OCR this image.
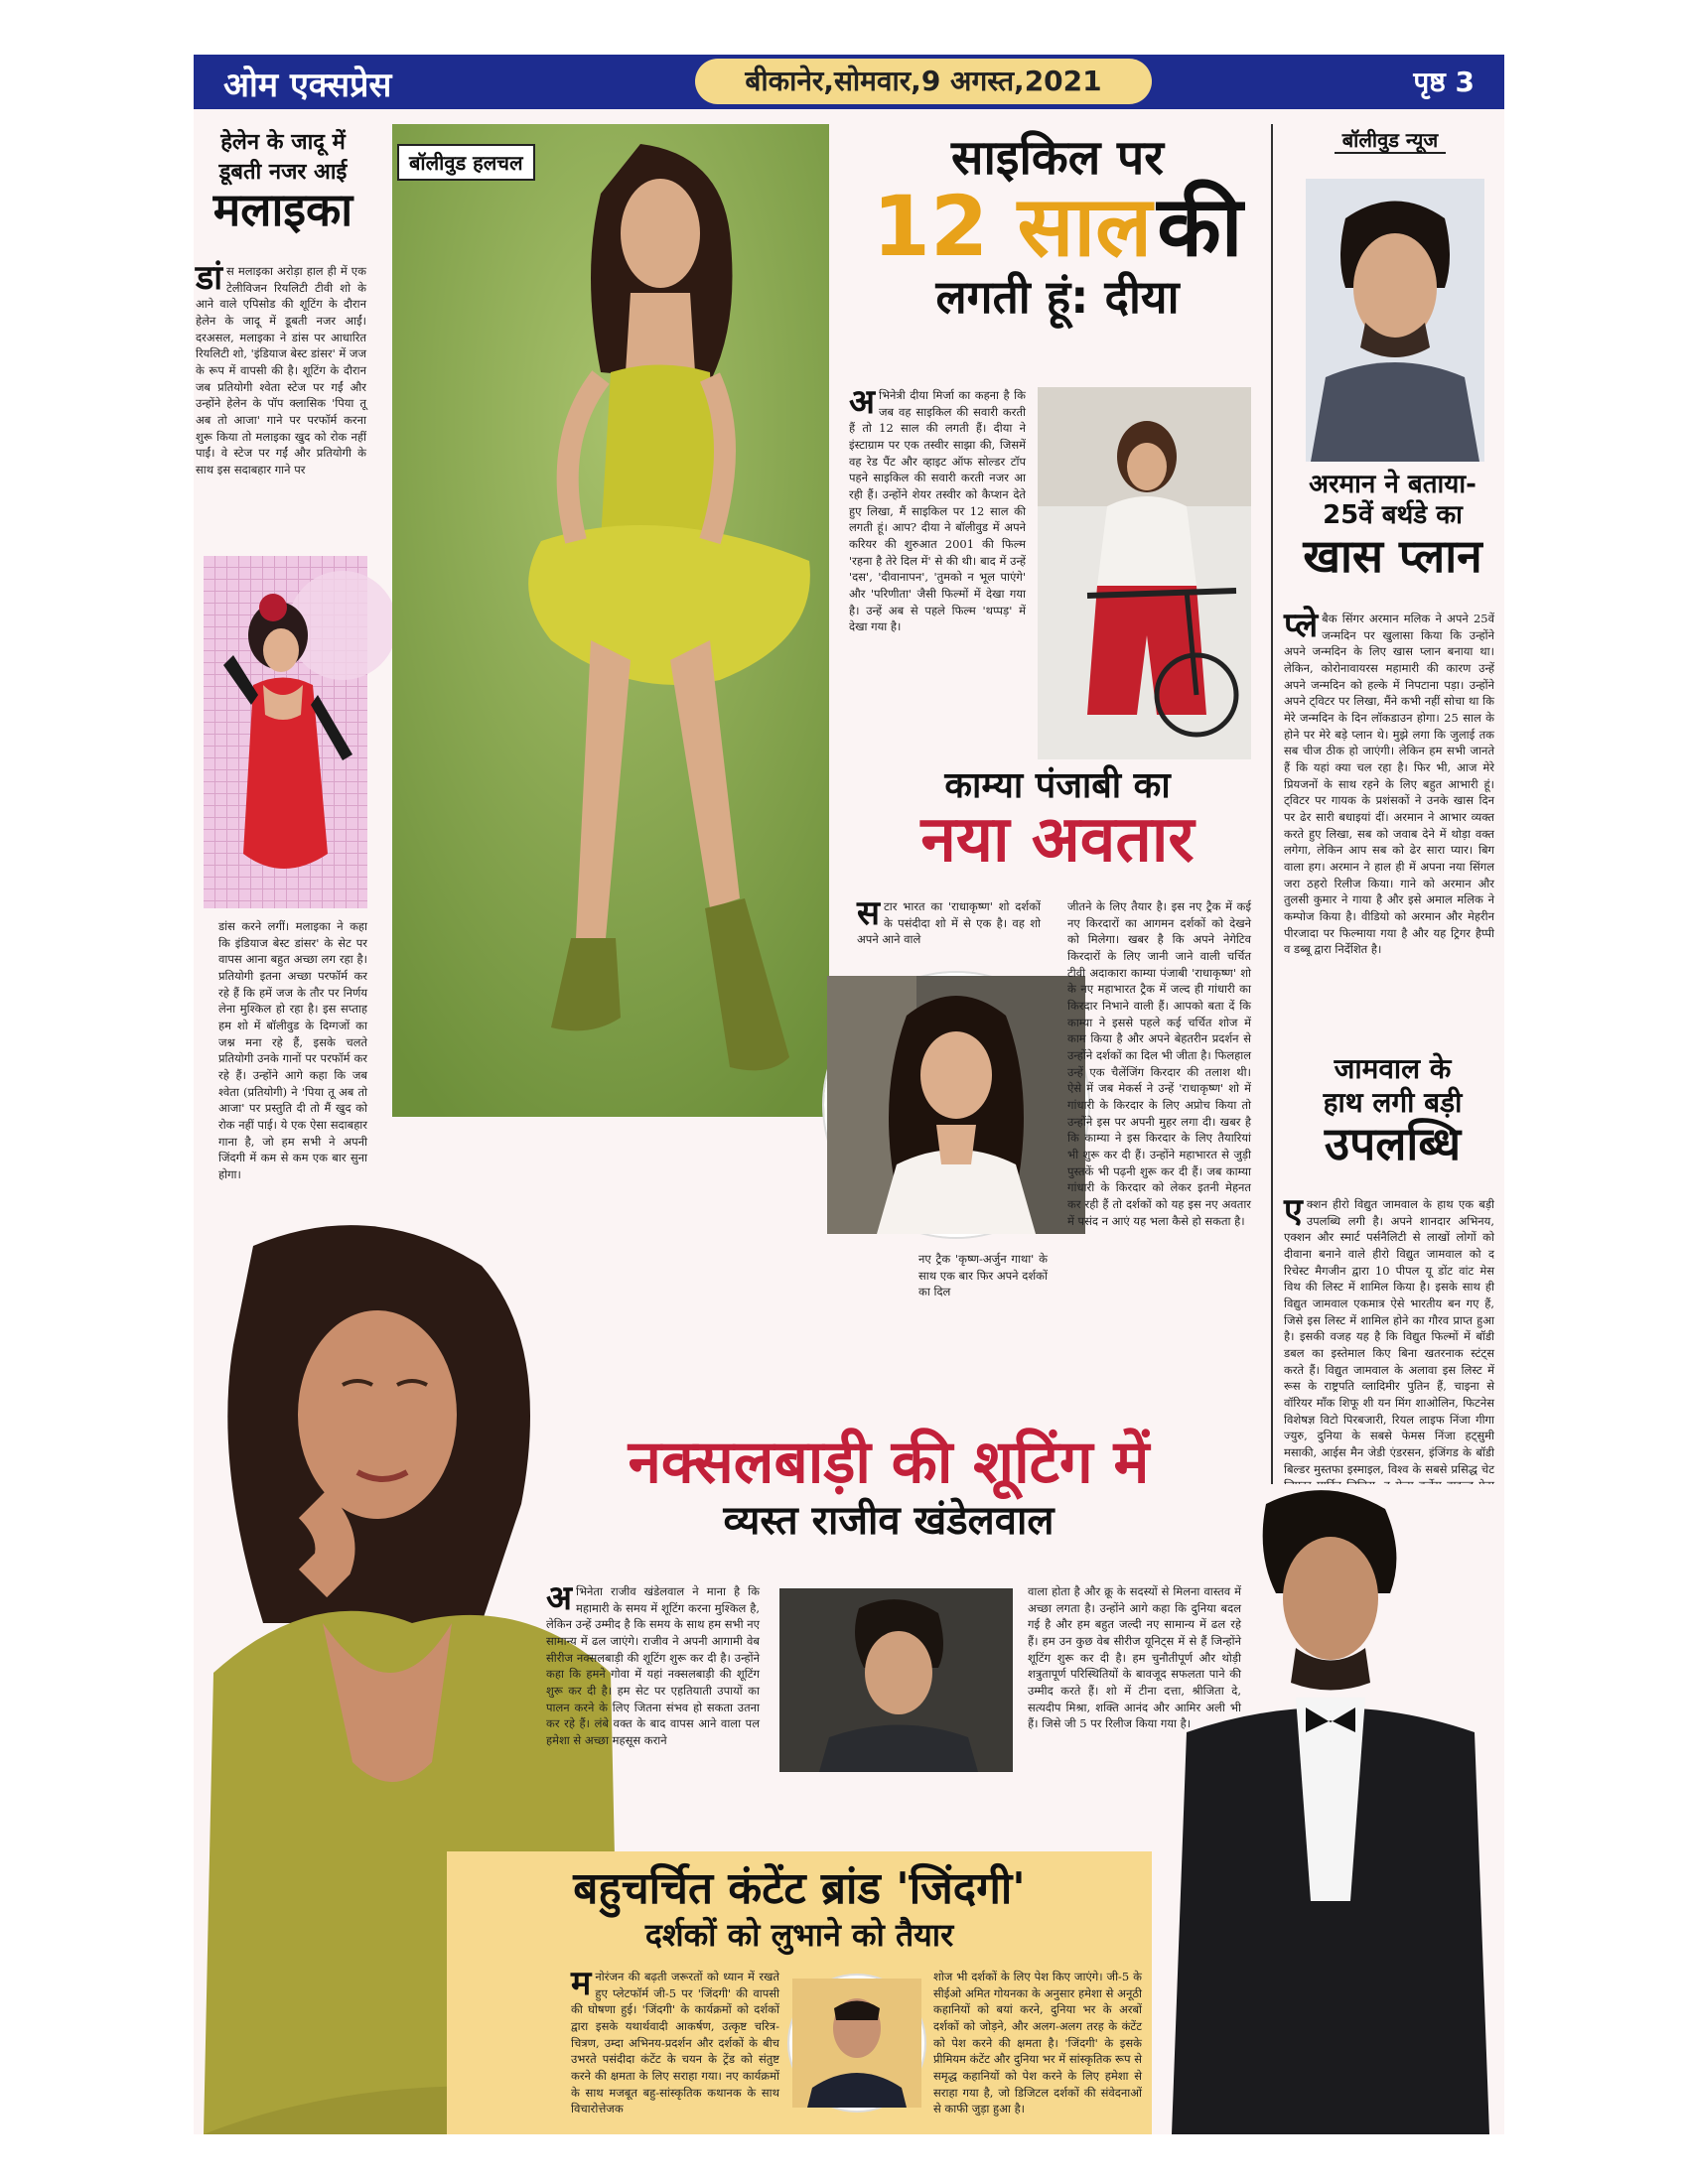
ओम एक्सप्रेस	बीकानेर,सोमवार,9 अगस्त,2021	पृष्ठ 3
हेलेन के जादू में
डूबती नजर आई
मलाइका
डां स मलाइका अरोड़ा हाल ही में एक टेलीविजन रियलिटी टीवी शो के आने वाले एपिसोड की शूटिंग के दौरान हेलेन के जादू में डूबती नजर आईं। दरअसल, मलाइका ने डांस पर आधारित रियलिटी शो, 'इंडियाज बेस्ट डांसर' में जज के रूप में वापसी की है। शूटिंग के दौरान जब प्रतियोगी श्वेता स्टेज पर गईं और उन्होंने हेलेन के पॉप क्लासिक 'पिया तू अब तो आजा' गाने पर परफॉर्म करना शुरू किया तो मलाइका खुद को रोक नहीं पाईं। वे स्टेज पर गईं और प्रतियोगी के साथ इस सदाबहार गाने पर
डांस करने लगीं। मलाइका ने कहा कि इंडियाज बेस्ट डांसर' के सेट पर वापस आना बहुत अच्छा लग रहा है। प्रतियोगी इतना अच्छा परफॉर्म कर रहे हैं कि हमें जज के तौर पर निर्णय लेना मुश्किल हो रहा है। इस सप्ताह हम शो में बॉलीवुड के दिग्गजों का जश्न मना रहे हैं, इसके चलते प्रतियोगी उनके गानों पर परफॉर्म कर रहे हैं। उन्होंने आगे कहा कि जब श्वेता (प्रतियोगी) ने 'पिया तू अब तो आजा' पर प्रस्तुति दी तो मैं खुद को रोक नहीं पाई। ये एक ऐसा सदाबहार गाना है, जो हम सभी ने अपनी जिंदगी में कम से कम एक बार सुना होगा।
बॉलीवुड हलचल	साइकिल पर
12 साल की
लगती हूं: दीया
अ भिनेत्री दीया मिर्जा का कहना है कि जब वह साइकिल की सवारी करती हैं तो 12 साल की लगती हैं। दीया ने इंस्टाग्राम पर एक तस्वीर साझा की, जिसमें वह रेड पैंट और व्हाइट ऑफ सोल्डर टॉप पहने साइकिल की सवारी करती नजर आ रही हैं। उन्होंने शेयर तस्वीर को कैप्शन देते हुए लिखा, मैं साइकिल पर 12 साल की लगती हूं। आप? दीया ने बॉलीवुड में अपने करियर की शुरुआत 2001 की फिल्म 'रहना है तेरे दिल में' से की थी। बाद में उन्हें 'दस', 'दीवानापन', 'तुमको न भूल पाएंगे' और 'परिणीता' जैसी फिल्मों में देखा गया है। उन्हें अब से पहले फिल्म 'थप्पड़' में देखा गया है।
काम्या पंजाबी का
नया अवतार
स टार भारत का 'राधाकृष्ण' शो दर्शकों के पसंदीदा शो में से एक है। वह शो अपने आने वाले
नए ट्रैक 'कृष्ण-अर्जुन गाथा' के साथ एक बार फिर अपने दर्शकों का दिल
जीतने के लिए तैयार है। इस नए ट्रैक में कई नए किरदारों का आगमन दर्शकों को देखने को मिलेगा। खबर है कि अपने नेगेटिव किरदारों के लिए जानी जाने वाली चर्चित टीवी अदाकारा काम्या पंजाबी 'राधाकृष्ण' शो के नए महाभारत ट्रैक में जल्द ही गांधारी का किरदार निभाने वाली हैं। आपको बता दें कि काम्या ने इससे पहले कई चर्चित शोज में काम किया है और अपने बेहतरीन प्रदर्शन से उन्होंने दर्शकों का दिल भी जीता है। फिलहाल उन्हें एक चैलेंजिंग किरदार की तलाश थी। ऐसे में जब मेकर्स ने उन्हें 'राधाकृष्ण' शो में गांधारी के किरदार के लिए अप्रोच किया तो उन्होंने इस पर अपनी मुहर लगा दी। खबर है कि काम्या ने इस किरदार के लिए तैयारियां भी शुरू कर दी हैं। उन्होंने महाभारत से जुड़ी पुस्तकें भी पढ़नी शुरू कर दी हैं। जब काम्या गांधारी के किरदार को लेकर इतनी मेहनत कर रही हैं तो दर्शकों को यह इस नए अवतार में पसंद न आएं यह भला कैसे हो सकता है।
बॉलीवुड न्यूज
अरमान ने बताया-
25वें बर्थडे का
खास प्लान
प्ले बैक सिंगर अरमान मलिक ने अपने 25वें जन्मदिन पर खुलासा किया कि उन्होंने अपने जन्मदिन के लिए खास प्लान बनाया था। लेकिन, कोरोनावायरस महामारी की कारण उन्हें अपने जन्मदिन को हल्के में निपटाना पड़ा। उन्होंने अपने ट्विटर पर लिखा, मैंने कभी नहीं सोचा था कि मेरे जन्मदिन के दिन लॉकडाउन होगा। 25 साल के होने पर मेरे बड़े प्लान थे। मुझे लगा कि जुलाई तक सब चीज ठीक हो जाएंगी। लेकिन हम सभी जानते हैं कि यहां क्या चल रहा है। फिर भी, आज मेरे प्रियजनों के साथ रहने के लिए बहुत आभारी हूं। ट्विटर पर गायक के प्रशंसकों ने उनके खास दिन पर ढेर सारी बधाइयां दीं। अरमान ने आभार व्यक्त करते हुए लिखा, सब को जवाब देने में थोड़ा वक्त लगेगा, लेकिन आप सब को ढेर सारा प्यार। बिग वाला हग। अरमान ने हाल ही में अपना नया सिंगल जरा ठहरो रिलीज किया। गाने को अरमान और तुलसी कुमार ने गाया है और इसे अमाल मलिक ने कम्पोज किया है। वीडियो को अरमान और मेहरीन पीरजादा पर फिल्माया गया है और यह ट्रिगर हैप्पी व डब्बू द्वारा निर्देशित है।
जामवाल के
हाथ लगी बड़ी
उपलब्धि
ए क्शन हीरो विद्युत जामवाल के हाथ एक बड़ी उपलब्धि लगी है। अपने शानदार अभिनय, एक्शन और स्मार्ट पर्सनैलिटी से लाखों लोगों को दीवाना बनाने वाले हीरो विद्युत जामवाल को द रिचेस्ट मैगजीन द्वारा 10 पीपल यू डोंट वांट मेस विथ की लिस्ट में शामिल किया है। इसके साथ ही विद्युत जामवाल एकमात्र ऐसे भारतीय बन गए हैं, जिसे इस लिस्ट में शामिल होने का गौरव प्राप्त हुआ है। इसकी वजह यह है कि विद्युत फिल्मों में बॉडी डबल का इस्तेमाल किए बिना खतरनाक स्टंट्स करते हैं। विद्युत जामवाल के अलावा इस लिस्ट में रूस के राष्ट्रपति व्लादिमीर पुतिन हैं, चाइना से वॉरियर मॉंक शिफू शी यन मिंग शाओलिन, फिटनेस विशेषज्ञ विटो पिरबजारी, रियल लाइफ निंजा गीगा ज्युरु, दुनिया के सबसे फेमस निंजा हट्सुमी मसाकी, आईस मैन जेडी एंडरसन, इंजिंगड के बॉडी बिल्डर मुस्तफा इस्माइल, विश्व के सबसे प्रसिद्ध चेट
नक्सलबाड़ी की शूटिंग में
व्यस्त राजीव खंडेलवाल
अ भिनेता राजीव खंडेलवाल ने माना है कि महामारी के समय में शूटिंग करना मुश्किल है, लेकिन उन्हें उम्मीद है कि समय के साथ हम सभी नए सामान्य में ढल जाएंगे। राजीव ने अपनी आगामी वेब सीरीज नक्सलबाड़ी की शूटिंग शुरू कर दी है। उन्होंने कहा कि हमने गोवा में यहां नक्सलबाड़ी की शूटिंग शुरू कर दी है। हम सेट पर एहतियाती उपायों का पालन करने के लिए जितना संभव हो सकता उतना कर रहे हैं। लंबे वक्त के बाद वापस आने वाला पल हमेशा से अच्छा महसूस कराने
वाला होता है और क्रू के सदस्यों से मिलना वास्तव में अच्छा लगता है। उन्होंने आगे कहा कि दुनिया बदल गई है और हम बहुत जल्दी नए सामान्य में ढल रहे हैं। हम उन कुछ वेब सीरीज यूनिट्स में से हैं जिन्होंने शूटिंग शुरू कर दी है। हम चुनौतीपूर्ण और थोड़ी शत्रुतापूर्ण परिस्थितियों के बावजूद सफलता पाने की उम्मीद करते हैं। शो में टीना दत्ता, श्रीजिता दे, सत्यदीप मिश्रा, शक्ति आनंद और आमिर अली भी हैं। जिसे जी 5 पर रिलीज किया गया है।
बहुचर्चित कंटेंट ब्रांड 'जिंदगी'
दर्शकों को लुभाने को तैयार
म नोरंजन की बढ़ती जरूरतों को ध्यान में रखते हुए प्लेटफॉर्म जी-5 पर 'जिंदगी' की वापसी की घोषणा हुई। 'जिंदगी' के कार्यक्रमों को दर्शकों द्वारा इसके यथार्थवादी आकर्षण, उत्कृष्ट चरित्र-चित्रण, उम्दा अभिनय-प्रदर्शन और दर्शकों के बीच उभरते पसंदीदा कंटेंट के चयन के ट्रेंड को संतुष्ट करने की क्षमता के लिए सराहा गया। नए कार्यक्रमों के साथ मजबूत बहु-सांस्कृतिक कथानक के साथ विचारोत्तेजक
शोज भी दर्शकों के लिए पेश किए जाएंगे। जी-5 के सीईओ अमित गोयनका के अनुसार हमेशा से अनूठी कहानियों को बयां करने, दुनिया भर के अरबों दर्शकों को जोड़ने, और अलग-अलग तरह के कंटेंट को पेश करने की क्षमता है। 'जिंदगी' के इसके प्रीमियम कंटेंट और दुनिया भर में सांस्कृतिक रूप से समृद्ध कहानियों को पेश करने के लिए हमेशा से सराहा गया है, जो डिजिटल दर्शकों की संवेदनाओं से काफी जुड़ा हुआ है।
